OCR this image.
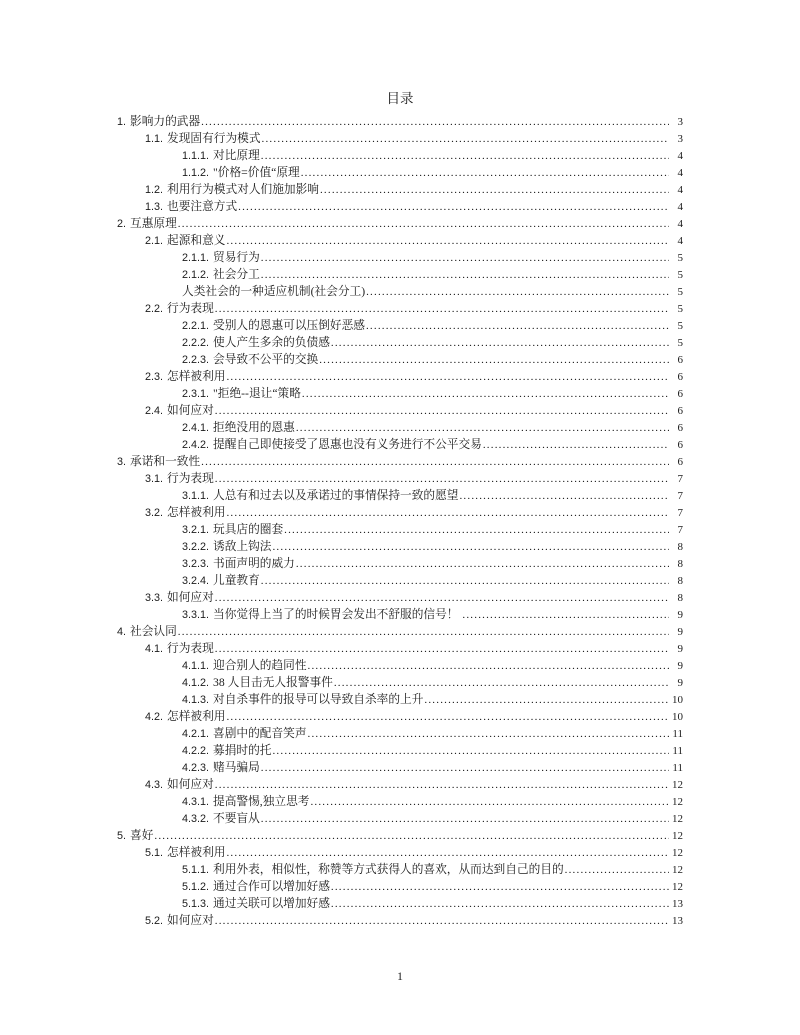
目录
1. 影响力的武器 .....	3
1.1. 发现固有行为模式 .....	3
1.1.1. 对比原理 .....	4
1.1.2. "价格=价值“原理 .....	4
1.2. 利用行为模式对人们施加影响 .....	4
1.3. 也要注意方式 .....	4
2. 互惠原理 .....	4
2.1. 起源和意义 .....	4
2.1.1. 贸易行为 .....	5
2.1.2. 社会分工 .....	5
人类社会的一种适应机制(社会分工) .....	5
2.2. 行为表现 .....	5
2.2.1. 受别人的恩惠可以压倒好恶感 .....	5
2.2.2. 使人产生多余的负债感 .....	5
2.2.3. 会导致不公平的交换 .....	6
2.3. 怎样被利用 .....	6
2.3.1. "拒绝--退让“策略 .....	6
2.4. 如何应对 .....	6
2.4.1. 拒绝没用的恩惠 .....	6
2.4.2. 提醒自己即使接受了恩惠也没有义务进行不公平交易 .....	6
3. 承诺和一致性 .....	6
3.1. 行为表现 .....	7
3.1.1. 人总有和过去以及承诺过的事情保持一致的愿望 .....	7
3.2. 怎样被利用 .....	7
3.2.1. 玩具店的圈套 .....	7
3.2.2. 诱敌上钩法 .....	8
3.2.3. 书面声明的威力 .....	8
3.2.4. 儿童教育 .....	8
3.3. 如何应对 .....	8
3.3.1. 当你觉得上当了的时候胃会发出不舒服的信号！ .....	9
4. 社会认同 .....	9
4.1. 行为表现 .....	9
4.1.1. 迎合别人的趋同性 .....	9
4.1.2. 38 人目击无人报警事件 .....	9
4.1.3. 对自杀事件的报导可以导致自杀率的上升 .....	10
4.2. 怎样被利用 .....	10
4.2.1. 喜剧中的配音笑声 .....	11
4.2.2. 募捐时的托 .....	11
4.2.3. 赌马骗局 .....	11
4.3. 如何应对 .....	12
4.3.1. 提高警惕,独立思考 .....	12
4.3.2. 不要盲从 .....	12
5. 喜好 .....	12
5.1. 怎样被利用 .....	12
5.1.1. 利用外表，相似性，称赞等方式获得人的喜欢，从而达到自己的目的 .....	12
5.1.2. 通过合作可以增加好感 .....	12
5.1.3. 通过关联可以增加好感 .....	13
5.2. 如何应对 .....	13
1
